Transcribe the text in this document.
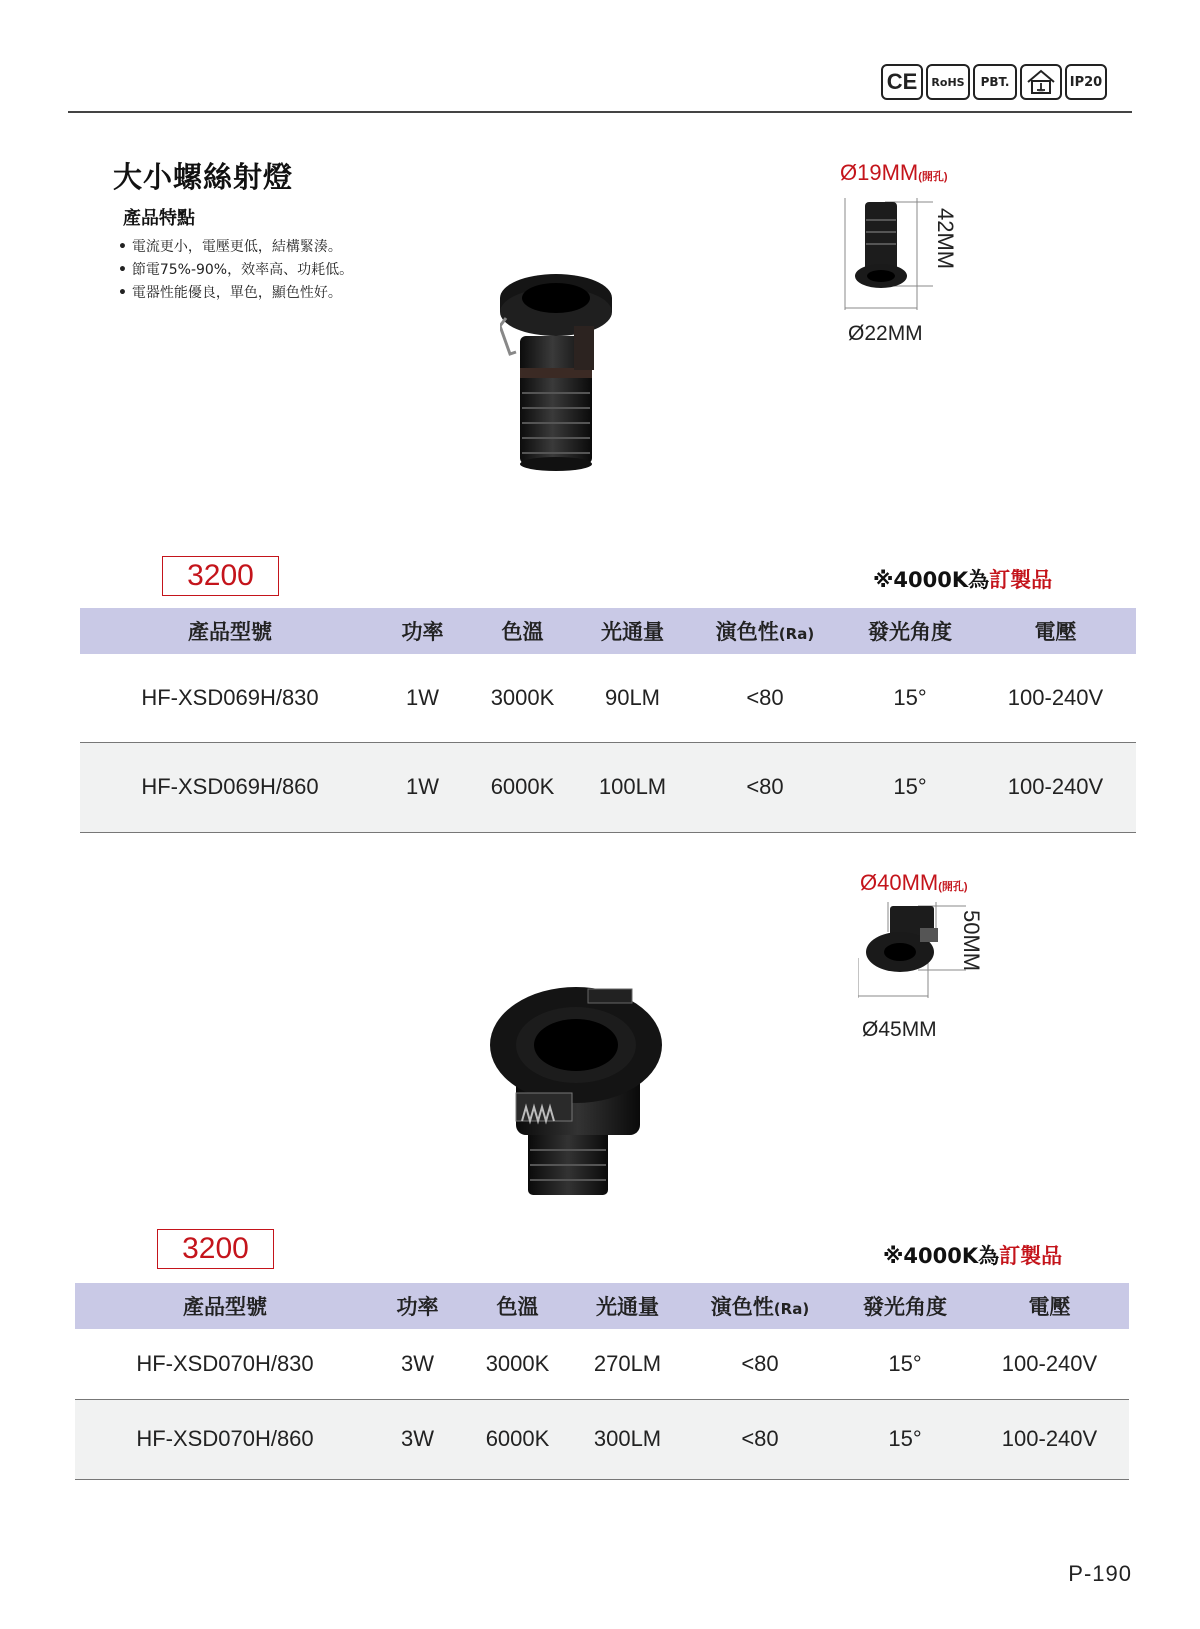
CE	RoHS	PBT.	IP20
大小螺絲射燈
產品特點
• 電流更小，電壓更低，結構緊湊。
• 節電75%-90%，效率高、功耗低。
• 電器性能優良，單色，顯色性好。
Ø19MM(開孔)
42MM
Ø22MM
3200	※4000K為訂製品
產品型號	功率	色溫	光通量	演色性(Ra)	發光角度	電壓
HF-XSD069H/830	1W	3000K	90LM	<80	15°	100-240V
HF-XSD069H/860	1W	6000K	100LM	<80	15°	100-240V
Ø40MM(開孔)
50MM
Ø45MM
3200	※4000K為訂製品
產品型號	功率	色溫	光通量	演色性(Ra)	發光角度	電壓
HF-XSD070H/830	3W	3000K	270LM	<80	15°	100-240V
HF-XSD070H/860	3W	6000K	300LM	<80	15°	100-240V
P-190
